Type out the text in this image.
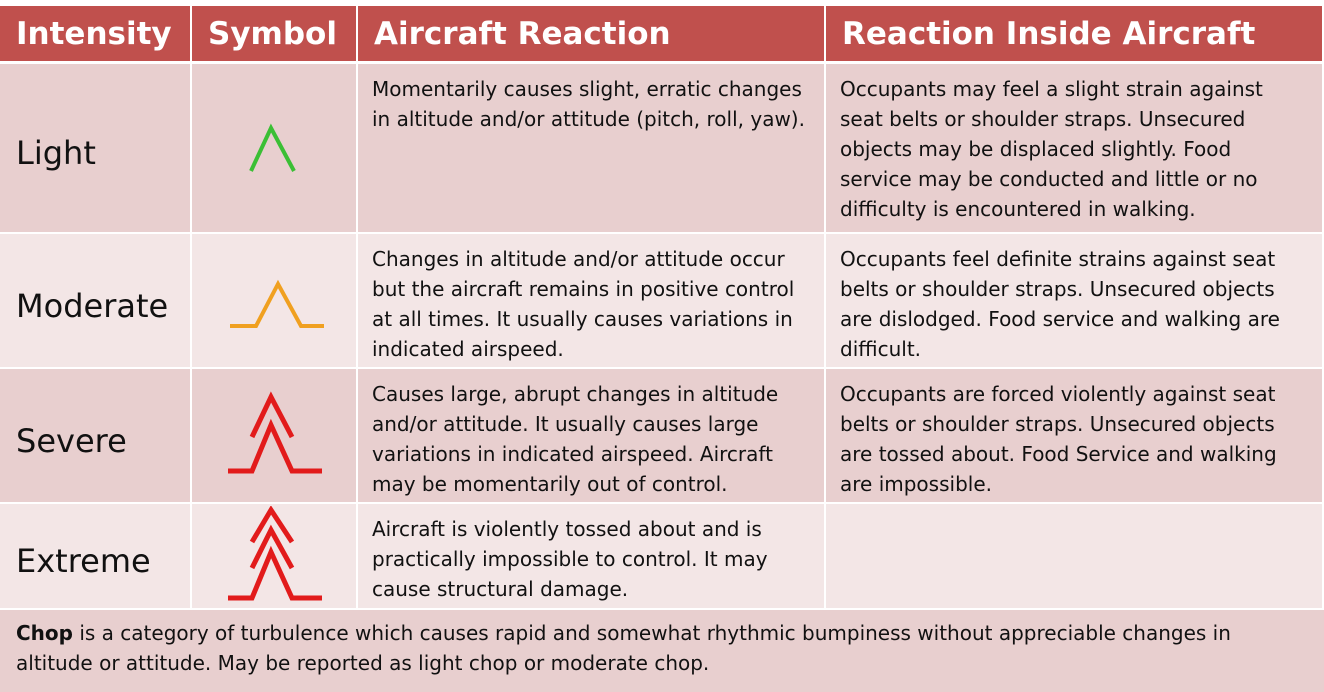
Intensity	Symbol	Aircraft Reaction	Reaction Inside Aircraft
Light		Momentarily causes slight, erratic changes in altitude and/or attitude (pitch, roll, yaw).	Occupants may feel a slight strain against seat belts or shoulder straps. Unsecured objects may be displaced slightly. Food service may be conducted and little or no difficulty is encountered in walking.
Moderate		Changes in altitude and/or attitude occur but the aircraft remains in positive control at all times. It usually causes variations in indicated airspeed.	Occupants feel definite strains against seat belts or shoulder straps. Unsecured objects are dislodged. Food service and walking are difficult.
Severe		Causes large, abrupt changes in altitude and/or attitude. It usually causes large variations in indicated airspeed. Aircraft may be momentarily out of control.	Occupants are forced violently against seat belts or shoulder straps. Unsecured objects are tossed about. Food Service and walking are impossible.
Extreme		Aircraft is violently tossed about and is practically impossible to control. It may cause structural damage.	
Chop is a category of turbulence which causes rapid and somewhat rhythmic bumpiness without appreciable changes in altitude or attitude. May be reported as light chop or moderate chop.
